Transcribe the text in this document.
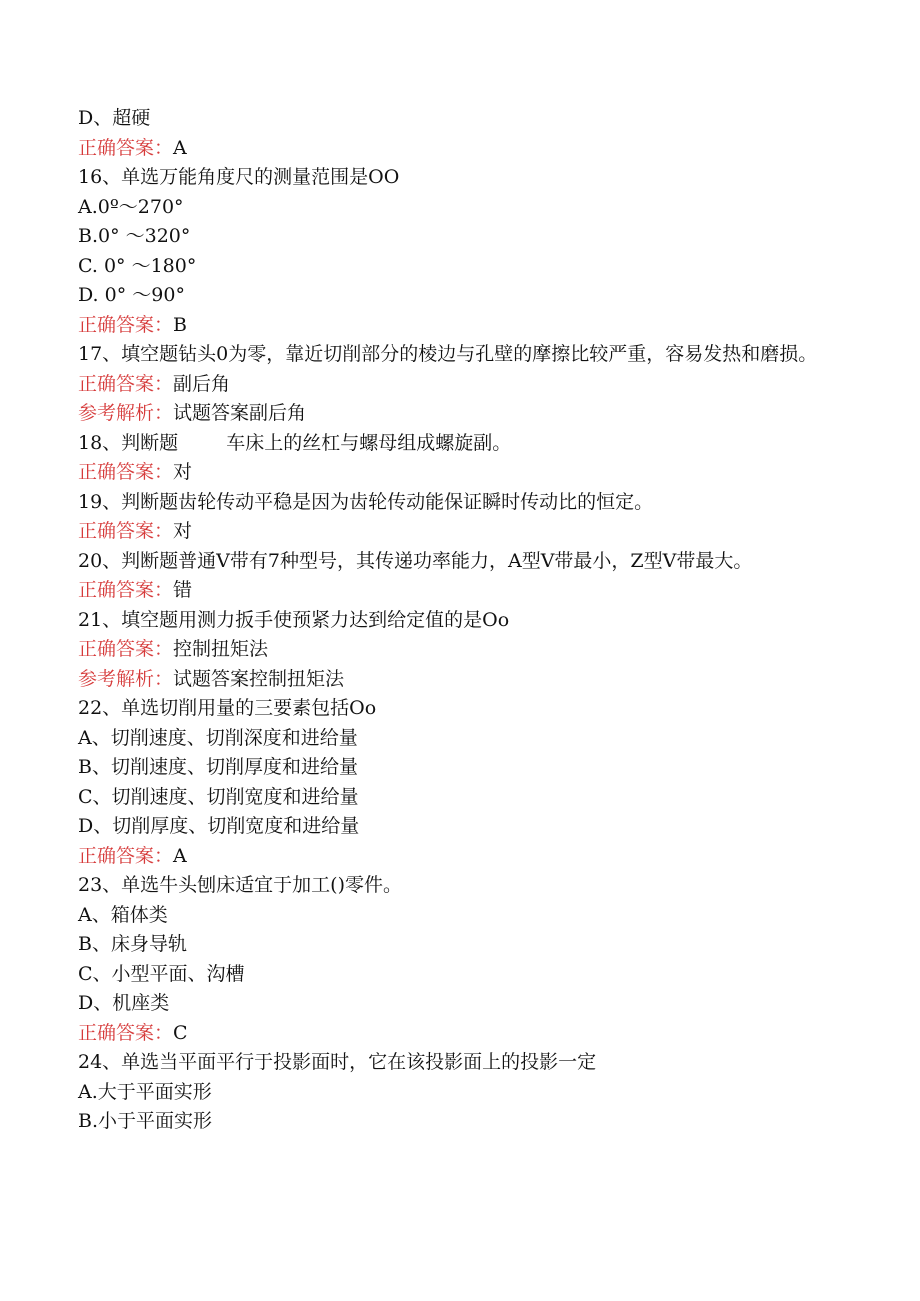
D、超硬
正确答案：A
16、单选万能角度尺的测量范围是OO
A.0º～270°
B.0° ～320°
C. 0° ～180°
D. 0° ～90°
正确答案：B
17、填空题钻头0为零，靠近切削部分的棱边与孔壁的摩擦比较严重，容易发热和磨损。
正确答案：副后角
参考解析：试题答案副后角
18、判断题	车床上的丝杠与螺母组成螺旋副。
正确答案：对
19、判断题齿轮传动平稳是因为齿轮传动能保证瞬时传动比的恒定。
正确答案：对
20、判断题普通V带有7种型号，其传递功率能力，A型V带最小，Z型V带最大。
正确答案：错
21、填空题用测力扳手使预紧力达到给定值的是Oo
正确答案：控制扭矩法
参考解析：试题答案控制扭矩法
22、单选切削用量的三要素包括Oo
A、切削速度、切削深度和进给量
B、切削速度、切削厚度和进给量
C、切削速度、切削宽度和进给量
D、切削厚度、切削宽度和进给量
正确答案：A
23、单选牛头刨床适宜于加工()零件。
A、箱体类
B、床身导轨
C、小型平面、沟槽
D、机座类
正确答案：C
24、单选当平面平行于投影面时，它在该投影面上的投影一定
A.大于平面实形
B.小于平面实形
